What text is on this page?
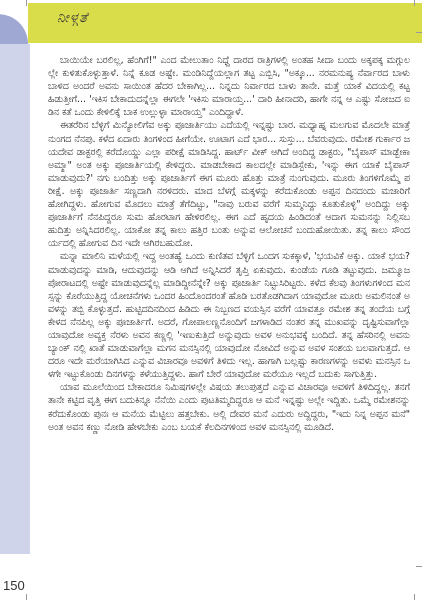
ನೀಳ್ಗತೆ

ಬಾಯಿಯೇ ಬರಲಿಲ್ಲ, ಹೆಂಗಿಗೆ!" ಎಂದ ಮೇಲುತಾಂ ನಿಧ್ದೆ ದಾರದ ರಾತ್ರಿಗಳಲ್ಲಿ ಅಂತಹ ಸೀದಾ ಬಂದು ಅಕ್ಕಪಕ್ಕ ಮಗ್ಗುಲಲ್ಲೇ ಕುಳಿತುಕೊಳ್ಳುತ್ತಾಳೆ. ನಿನ್ನೆ ಕೂಡ ಅಷ್ಟೇ. ಮಂಡಿನಿದ್ದೆಯಲ್ಲಾಗ ತಟ್ಟ ಎಬ್ಬಿಸಿ, "ಅಕ್ಕೂ... ನರಮನುಷ್ಯ ನೆರ್ವಾರದ ಬಾಳು ಬಾಳಿದ ಅಂದರೆ ಅವನು ಸಾಯಿಂತ ಹೆದರ ಬೇಕಾಗಿಲ್ಲ... ನಿನ್ನದು ನಿರ್ವಾರದ ಬಾಳು ತಾನೇ. ಮತ್ತೆ ಯಾಕೆ ವಿದಯಲ್ಲಿ ಕಟ್ಟ ಹಿಡುತ್ತೀಗೆ... 'ಇಕಿಸ ಬೇಕಾದುದನ್ನೆಲ್ಲಾ ಈಗಲೇ 'ಇಕಿಸು ಮಾರಾಯ್ತ...' ದಾರಿ ಹೀನಾದರಿ, ಹಾಗೇ ನನ್ನ ಆ ಎಷ್ಟು ಸೋಜದ ಐಡಿನ ಕತೆ ಒಂದು ಕೇಳಿಲಿಕ್ಕೆ ಬಾಕ ಉಲ್ಲುಳ್ಳಾ ಮಾರಾಯ್ತ" ಎಂದಿದ್ದಾಳೆ.

ಈತರೆರಿನ ಬೆಳ್ಳಿಗೆ ಮಿನ್ಯೋಲಿಗೆವ ಅಕ್ಕು ಪೂಜಾರ್ತಿಯು ಎದೆಯಲ್ಲಿ ಇನ್ನಷ್ಟು ಬಾರ. ಮಧ್ಯಾಹ್ನ ಮಲಗುವ ಮೊದಲೇ ಮಾತ್ರೆ ನುಂಗದ ನೆನಪು. ಕಳೆದ ಏದಾರು ತಿಂಗಳಿಂದ ಹೀಗೆಯೇ. ಊಟಾಗ ಎದೆ ಭಾರ... ಸುಸ್ತು... ಬೆವರುವುದು. ರಮೇಶ ಗುರ್ಕಾರ ಜಯದೇವ ಡಾಕ್ಟರಲ್ಲಿ ಕರೆದೊಯ್ಡು ಎಲ್ಲಾ ಪರೀಕ್ಷೆ ಮಾಡಿಸಿದ್ದ. ಹಾರ್ಟ್ ವೀಕ್ ಆಗಿದೆ ಅಂದಿದ್ದ ಡಾಕ್ಟರು, "ಬೈಪಾಸ್ ಮಾಡ್ಬೇಕಾ ಅಮ್ಮಾ" ಅಂತ ಅಕ್ಕು ಪೂಜಾರ್ತಿಯಲ್ಲಿ ಕೇಳಿದ್ದರು. ಮಾಡಬೇಕಾದ ಕಾಲದಲ್ಲೇ ಮಾಡಿಸ್ಬೇಕು, 'ಇನ್ನು ಈಗ ಯಾಕೆ ಬೈಪಾಸ್ ಮಾಡುವುದು?' ನಗು ಬಂದಿತ್ತು ಅಕ್ಕು ಪೂಜಾರ್ತಿಗೆ ಈಗ ಮೂರು ಹೊತ್ತು ಮಾತ್ರೆ ನುಂಗುವುದು. ಮೂರು ತಿಂಗಳಿಗೊಮ್ಮೆ ಪರೀಕ್ಷೆ. ಅಕ್ಕು ಪೂಜಾರ್ತಿ ಸಣ್ಣದಾಗಿ ನರಳಿದರು. ಮಾದ ಬೆಳಗ್ಗೆ ಮಕ್ಕಳನ್ನು ಕರೆದುಕೊಂಡು ಅಪ್ಪನ ದಿನದಂದು ಮಜಾರಿಗೆ ಹೋಗಿದ್ದಳು. ಹೋಗುವ ಮೊದಲು ಮಾತ್ರೆ ತೆಗೆದಿಟ್ಟು, "ನಾವು ಬರುವ ವರೆಗೆ ಸುಮ್ಮನಿದ್ದು ಕೂತುಕೊಳ್ಳಿ" ಅಂದಿದ್ದು ಅಕ್ಕು ಪೂಜಾರ್ತಿಗೆ ನೆನಪಿದ್ದರೂ ಸುಮ ಹೊರಟಾಗ ಹೇಳಿರಲಿಲ್ಲ. ಈಗ ಎದೆ ಹೃದಯ ಹಿಂಡಿದಂತೆ ಆದಾಗ ಸುಮನನ್ನು ನಿಲ್ಲಿಸಬಹುದಿತ್ತು ಅನ್ನಿಸಿದರಲಿಲ್ಲ. ಯಾಕೋ ತನ್ನ ಕಾಲು ಹತ್ತಿರ ಬಂತು ಅನ್ನುವ ಆಲೋಚನೆ ಬಂದುಹೋಯಿತು. ತನ್ನ ಕಾಲು ಸೌಂದರ್ಯದಲ್ಲಿ ಹೋಗುವ ದಿನ ಇದೇ ಆಗಿರಬಹುದೋ.

ಮನ್ನಾ ಮಾಲಿನಿ ಮಳೆಯಲ್ಲಿ ಇದ್ದ ಅಂತಹ್ಯೆ ಒಂದು ಕುಣಿತವ ಬೆಳ್ಳಿಗೆ ಒಂದಗ ಸುಕಕ್ಕಾಳೆ, 'ಭಯವಿಕೆ ಅಕ್ಕು. ಯಾಕೆ ಭಯ? ಮಾಡುವುದನ್ನು ಮಾಡಿ, ಆದುವುದನ್ನು ಆಡಿ ಆಗಿದೆ ಅನ್ನಿಸಿದರೆ ತೃಪ್ತಿ ಏಕುವುದು. ಕುಂಡೆಯ ಗೂಡಿ ತಟ್ಟುವುದು. ಜಮ್ಮೂಜ ಪೋರಾಟದಲ್ಲಿ ಅಷ್ಟೇ ಮಾಡುವುದನ್ನೆಲ್ಲ ಮಾಡಿದ್ದೀನೆನ್ನೇ? ಅಕ್ಕು ಪೂಜಾರ್ತಿ ನಿಟ್ಟುಸಿರಿಟ್ಟರು. ಕಳೆದ ಕೆಲವು ತಿಂಗಳುಗಳಿಂದ ಮನಸ್ಸನ್ನು ಕೊರೆಯುತ್ತಿದ್ದ ಯೋಚನೆಗಳು ಒಂದರ ಹಿಂದೊಂದರಂತೆ ಹೊಡಿ ಬರತೊಡಗಿದಾಗ ಯಾವುದೋ ಮೂರು ಅಮಲಿನಂತೆ ಅವಳನ್ನು ತಬ್ಬಿ ಕೊಳ್ಳುತ್ತದೆ. ಹುಟ್ಟಿದದಿನದಿಂದ ಹಿಡಿದು ಈ ನಿಬ್ಬಣದ ವಯಸ್ಸಿನ ವರೆಗೆ ಯಾವತ್ತೂ ರಮೇಶ ತನ್ನ ತಂದೆಯ ಬಗ್ಗೆ ಕೇಳದ ನೆನಪಿಲ್ಲ ಅಕ್ಕು ಪೂಜಾರ್ತಿಗೆ. ಅದರೆ, ಗೋಪಾಲಣ್ಣನೊಂದಿಗೆ ಜಗಳಾಡಿದ ನಂತರ ತನ್ನ ಮುಖವನ್ನು ದೃಷ್ಟಿಸುವಾಗೆಲ್ಲಾ ಯಾವುದೋ ಅವ್ಯಕ್ತ ನೆರಳು ಅವನ ಕಣ್ಣಲ್ಲಿ 'ಇಣುಕುತ್ತಿದೆ ಅನ್ನುವುದು ಅವಳ ಅನುಭವಕ್ಕೆ ಬಂದಿದೆ. ತನ್ನ ಹೆಸರಿನಲ್ಲಿ ಅವನು ಬ್ಯಾಂಕ್ ನಲ್ಲಿ ಖಾತೆ ಮಾಡುವಾಗೆಲ್ಲಾ ಮಗನ ಮನಸ್ಸಿನಲ್ಲಿ ಯಾವುದೋ ನೋವಿದೆ ಅನ್ನುವ ಅವಳ ಸಂಶಯ ಬಲವಾಗುತ್ತದೆ. ಆದರೂ ಇದೇ ಮರೆಯಾಗಿಸಿದ ಎನ್ನುವ ವಿಚಾರವೂ ಅವಳಿಗೆ ತಿಳಿದು ಇಲ್ಲ. ಹಾಗಾಗಿ ಬಲ್ಲಷ್ಟು ಕಾರಣಗಳನ್ನು ಅವಳು ಮನಸ್ಸಿನ ಒಳಗೇ ಇಟ್ಟುಕೊಂಡು ದಿನಗಳನ್ನು ಕಳೆಯುತ್ತಿದ್ದಳು. ಹಾಗೆ ಬೇರೆ ಯಾವುದೋ ಮರೆಯೂ ಇಲ್ಲದೆ ಬದುಕು ಸಾಗುತ್ತಿತ್ತು.

ಯಾವ ಮೂಲೆಯಿಂದ ಬೇಕಾದರೂ ನಿಮಿಷಗಳಲ್ಲೇ ವಿಷಯ ತಲುಪುತ್ತದೆ ಎನ್ನುವ ವಿಚಾರವೂ ಅವಳಿಗೆ ತಿಳಿದಿದ್ದಲ್ಲ. ತನಗೆ ತಾನೇ ಕಟ್ಟಿದ ವೃತ್ತಿ ಈಗ ಬದುಕಿನ್ನೂ ನೆನೆಯಿ ಎಂದು ಪುಟತಿಮ್ಮದಿದ್ದರೂ ಆ ಮನೆ ಇನ್ನಷ್ಟು ಅಲ್ಲೇ ಇದ್ದಿತು. ಒಮ್ಮೆ ರಮೇಶನನ್ನು ಕರೆದುಕೊಂಡು ಪುನಃ ಆ ಮನೆಯ ಮೆಟ್ಟಿಲು ಹತ್ತಬೇಕು. ಅಲ್ಲಿ ದೇವರ ಮನೆ ಎದುರು ಅದ್ದಿದ್ದರು, "ಇದು ನಿನ್ನ ಅಪ್ಪನ ಮನೆ" ಅಂತ ಅವನ ಕಣ್ಣು ನೋಡಿ ಹೇಳಬೇಕು ಎಂಬ ಬಯಕೆ ಕೆಲದಿನಗಳಿಂದ ಅವಳ ಮನಸ್ಸಿನಲ್ಲಿ ಮೂಡಿದೆ.

150
